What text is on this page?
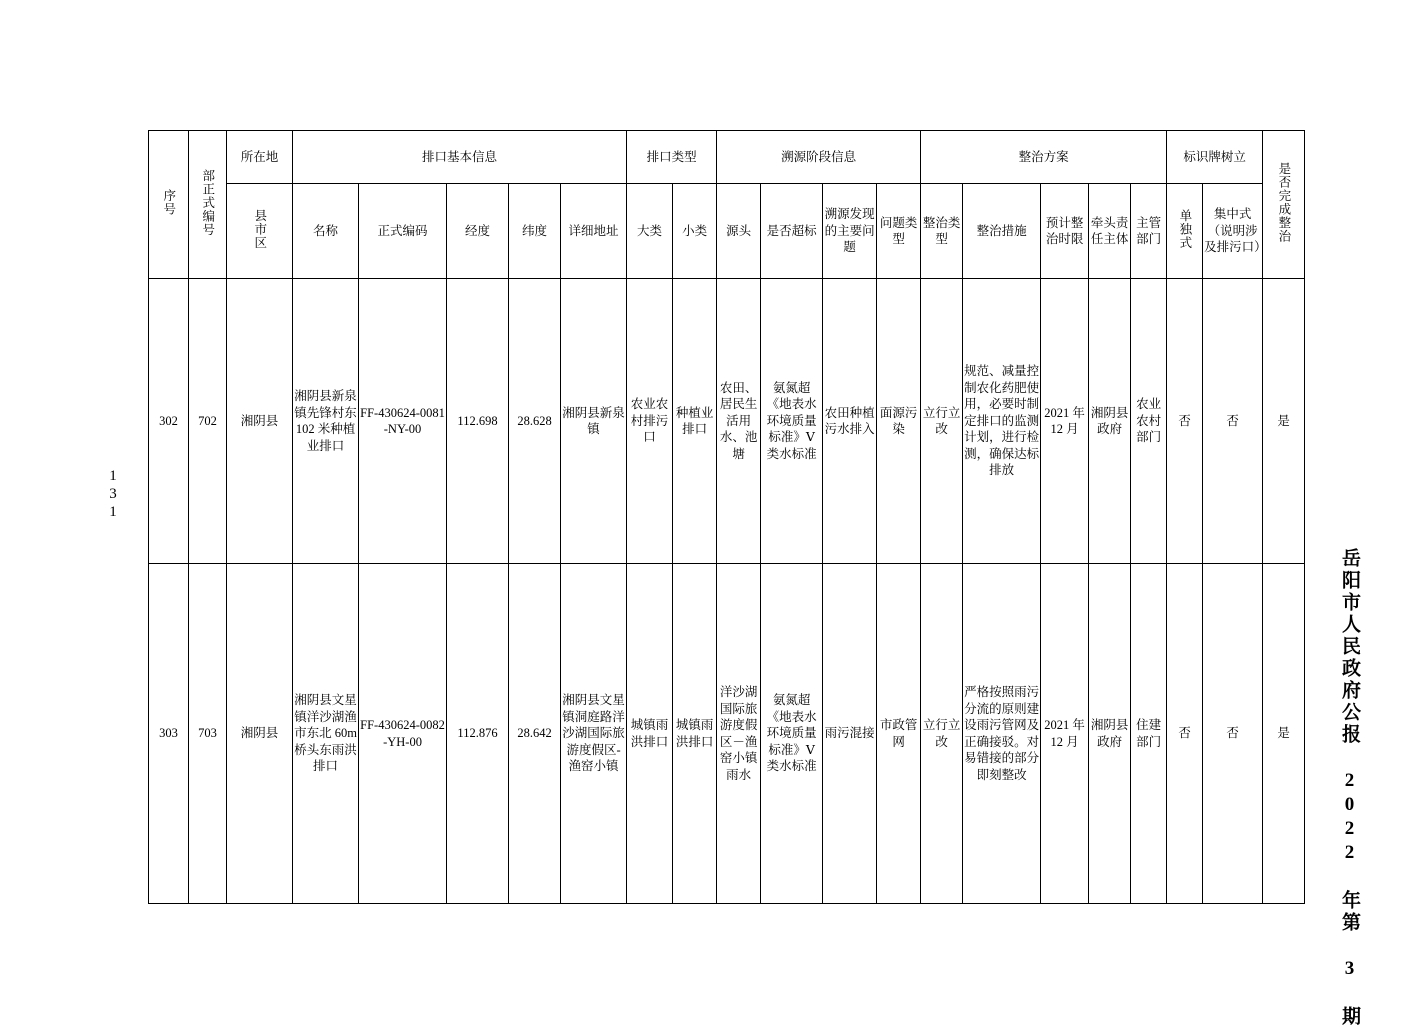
131
岳阳市人民政府公报 2022 年第 3 期
序号	部正式编号	所在地	排口基本信息					排口类型		溯源阶段信息				整治方案					标识牌树立		是否完成整治
		县市区	名称	正式编码	经度	纬度	详细地址	大类	小类	源头	是否超标	溯源发现的主要问题	问题类型	整治类型	整治措施	预计整治时限	牵头责任主体	主管部门	单独式	集中式（说明涉及排污口）	

302	702	湘阴县	湘阴县新泉镇先锋村东 102 米种植业排口	FF-430624-0081-NY-00	112.698	28.628	湘阴县新泉镇	农业农村排污口	种植业排口	农田、居民生活用水、池塘	氨氮超《地表水环境质量标准》Ⅴ类水标准	农田种植污水排入	面源污染	立行立改	规范、减量控制农化药肥使用，必要时制定排口的监测计划，进行检测，确保达标排放	2021 年 12 月	湘阴县政府	农业农村部门	否	否	是
303	703	湘阴县	湘阴县文星镇洋沙湖渔市东北 60m 桥头东雨洪排口	FF-430624-0082-YH-00	112.876	28.642	湘阴县文星镇洞庭路洋沙湖国际旅游度假区-渔窑小镇	城镇雨洪排口	城镇雨洪排口	洋沙湖国际旅游度假区－渔窑小镇雨水	氨氮超《地表水环境质量标准》Ⅴ类水标准	雨污混接	市政管网	立行立改	严格按照雨污分流的原则建设雨污管网及正确接驳。对易错接的部分即刻整改	2021 年 12 月	湘阴县政府	住建部门	否	否	是
